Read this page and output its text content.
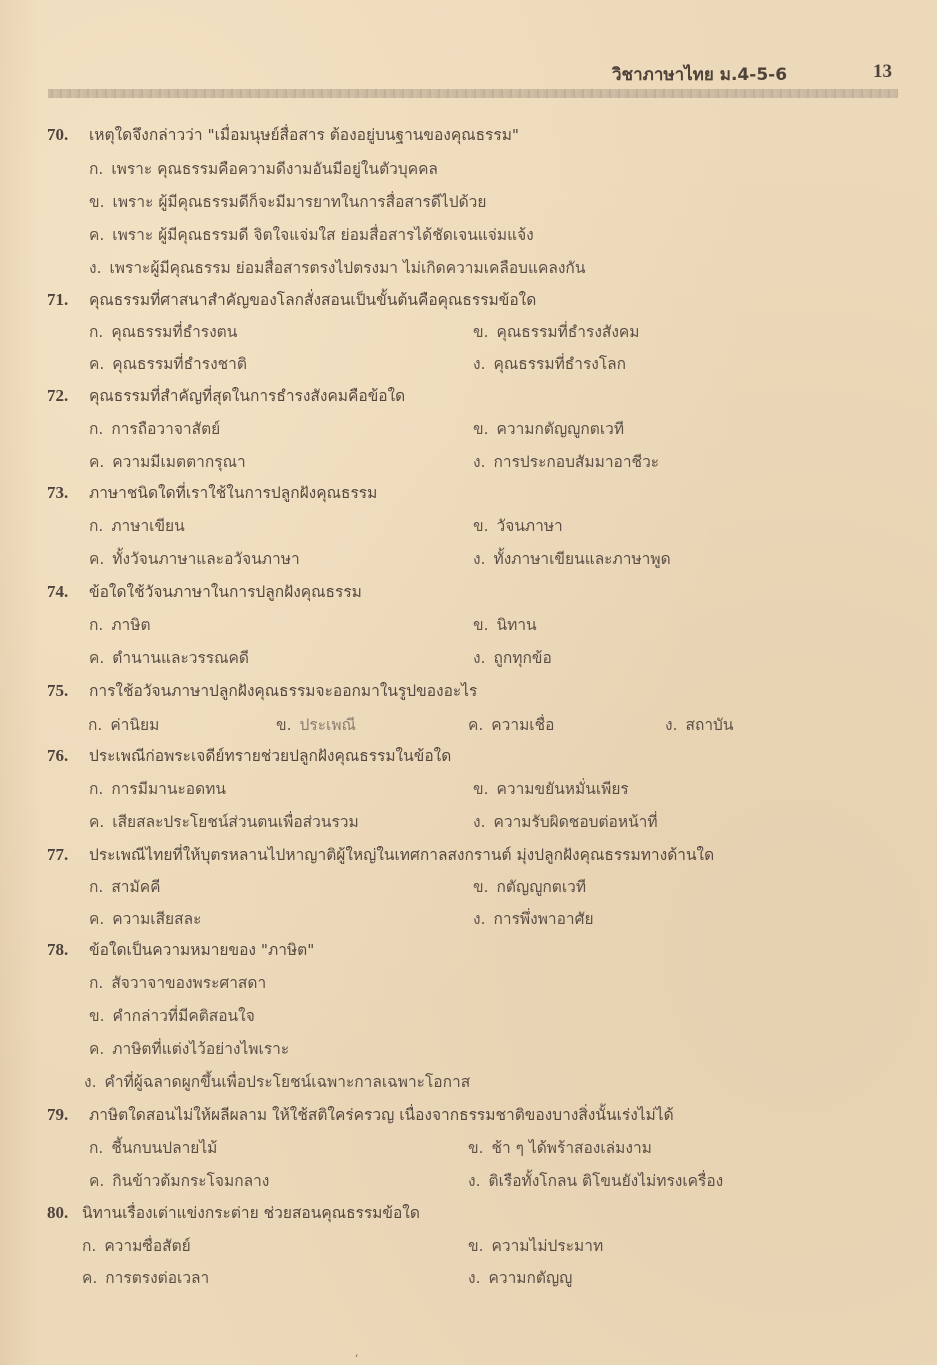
วิชาภาษาไทย ม.4-5-6	13
70. เหตุใดจึงกล่าวว่า "เมื่อมนุษย์สื่อสาร ต้องอยู่บนฐานของคุณธรรม"
ก. เพราะ คุณธรรมคือความดีงามอันมีอยู่ในตัวบุคคล
ข. เพราะ ผู้มีคุณธรรมดีก็จะมีมารยาทในการสื่อสารดีไปด้วย
ค. เพราะ ผู้มีคุณธรรมดี จิตใจแจ่มใส ย่อมสื่อสารได้ชัดเจนแจ่มแจ้ง
ง. เพราะผู้มีคุณธรรม ย่อมสื่อสารตรงไปตรงมา ไม่เกิดความเคลือบแคลงกัน
71. คุณธรรมที่ศาสนาสำคัญของโลกสั่งสอนเป็นขั้นต้นคือคุณธรรมข้อใด
ก. คุณธรรมที่ธำรงตน	ข. คุณธรรมที่ธำรงสังคม
ค. คุณธรรมที่ธำรงชาติ	ง. คุณธรรมที่ธำรงโลก
72. คุณธรรมที่สำคัญที่สุดในการธำรงสังคมคือข้อใด
ก. การถือวาจาสัตย์	ข. ความกตัญญูกตเวที
ค. ความมีเมตตากรุณา	ง. การประกอบสัมมาอาชีวะ
73. ภาษาชนิดใดที่เราใช้ในการปลูกฝังคุณธรรม
ก. ภาษาเขียน	ข. วัจนภาษา
ค. ทั้งวัจนภาษาและอวัจนภาษา	ง. ทั้งภาษาเขียนและภาษาพูด
74. ข้อใดใช้วัจนภาษาในการปลูกฝังคุณธรรม
ก. ภาษิต	ข. นิทาน
ค. ตำนานและวรรณคดี	ง. ถูกทุกข้อ
75. การใช้อวัจนภาษาปลูกฝังคุณธรรมจะออกมาในรูปของอะไร
ก. ค่านิยม	ข. ประเพณี	ค. ความเชื่อ	ง. สถาบัน
76. ประเพณีก่อพระเจดีย์ทรายช่วยปลูกฝังคุณธรรมในข้อใด
ก. การมีมานะอดทน	ข. ความขยันหมั่นเพียร
ค. เสียสละประโยชน์ส่วนตนเพื่อส่วนรวม	ง. ความรับผิดชอบต่อหน้าที่
77. ประเพณีไทยที่ให้บุตรหลานไปหาญาติผู้ใหญ่ในเทศกาลสงกรานต์ มุ่งปลูกฝังคุณธรรมทางด้านใด
ก. สามัคคี	ข. กตัญญูกตเวที
ค. ความเสียสละ	ง. การพึ่งพาอาศัย
78. ข้อใดเป็นความหมายของ "ภาษิต"
ก. สัจวาจาของพระศาสดา
ข. คำกล่าวที่มีคติสอนใจ
ค. ภาษิตที่แต่งไว้อย่างไพเราะ
ง. คำที่ผู้ฉลาดผูกขึ้นเพื่อประโยชน์เฉพาะกาลเฉพาะโอกาส
79. ภาษิตใดสอนไม่ให้ผลีผลาม ให้ใช้สติใคร่ครวญ เนื่องจากธรรมชาติของบางสิ่งนั้นเร่งไม่ได้
ก. ชี้นกบนปลายไม้	ข. ช้า ๆ ได้พร้าสองเล่มงาม
ค. กินข้าวต้มกระโจมกลาง	ง. ติเรือทั้งโกลน ติโขนยังไม่ทรงเครื่อง
80. นิทานเรื่องเต่าแข่งกระต่าย ช่วยสอนคุณธรรมข้อใด
ก. ความซื่อสัตย์	ข. ความไม่ประมาท
ค. การตรงต่อเวลา	ง. ความกตัญญู
,
